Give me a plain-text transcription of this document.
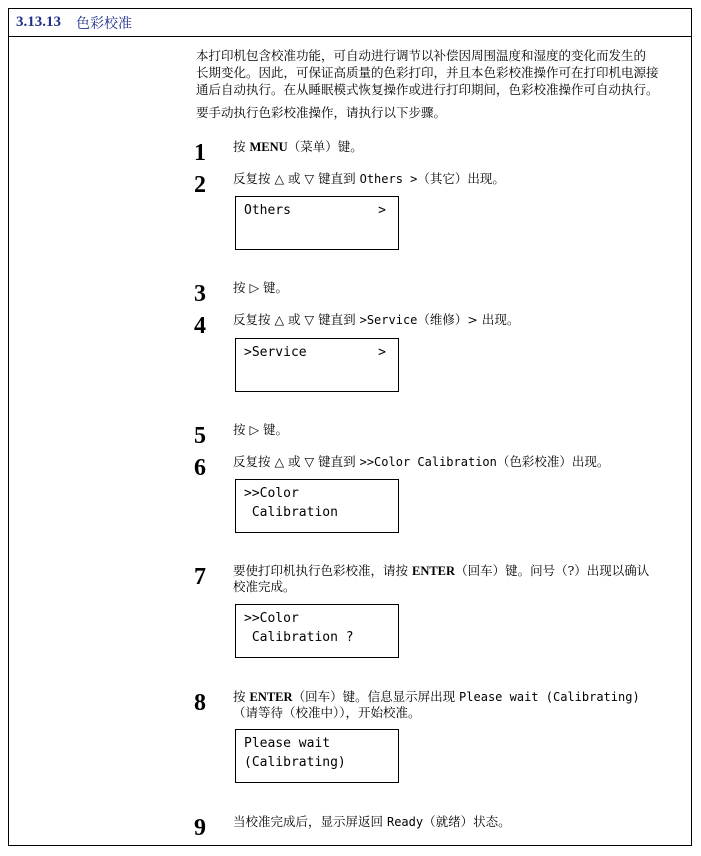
3.13.13 色彩校准
本打印机包含校准功能，可自动进行调节以补偿因周围温度和湿度的变化而发生的
长期变化。因此，可保证高质量的色彩打印，并且本色彩校准操作可在打印机电源接
通后自动执行。在从睡眠模式恢复操作或进行打印期间，色彩校准操作可自动执行。
要手动执行色彩校准操作，请执行以下步骤。
1 按 MENU（菜单）键。
2 反复按 △ 或 ▽ 键直到 Others >（其它）出现。
Others	>
3 按 ▷ 键。
4 反复按 △ 或 ▽ 键直到 >Service（维修）> 出现。
>Service	>
5 按 ▷ 键。
6 反复按 △ 或 ▽ 键直到 >>Color Calibration（色彩校准）出现。
>>Color
Calibration
7 要使打印机执行色彩校准，请按 ENTER（回车）键。问号（?）出现以确认
校准完成。
>>Color
Calibration ?
8 按 ENTER（回车）键。信息显示屏出现 Please wait (Calibrating)
（请等待（校准中）），开始校准。
Please wait
(Calibrating)
9 当校准完成后，显示屏返回 Ready（就绪）状态。
